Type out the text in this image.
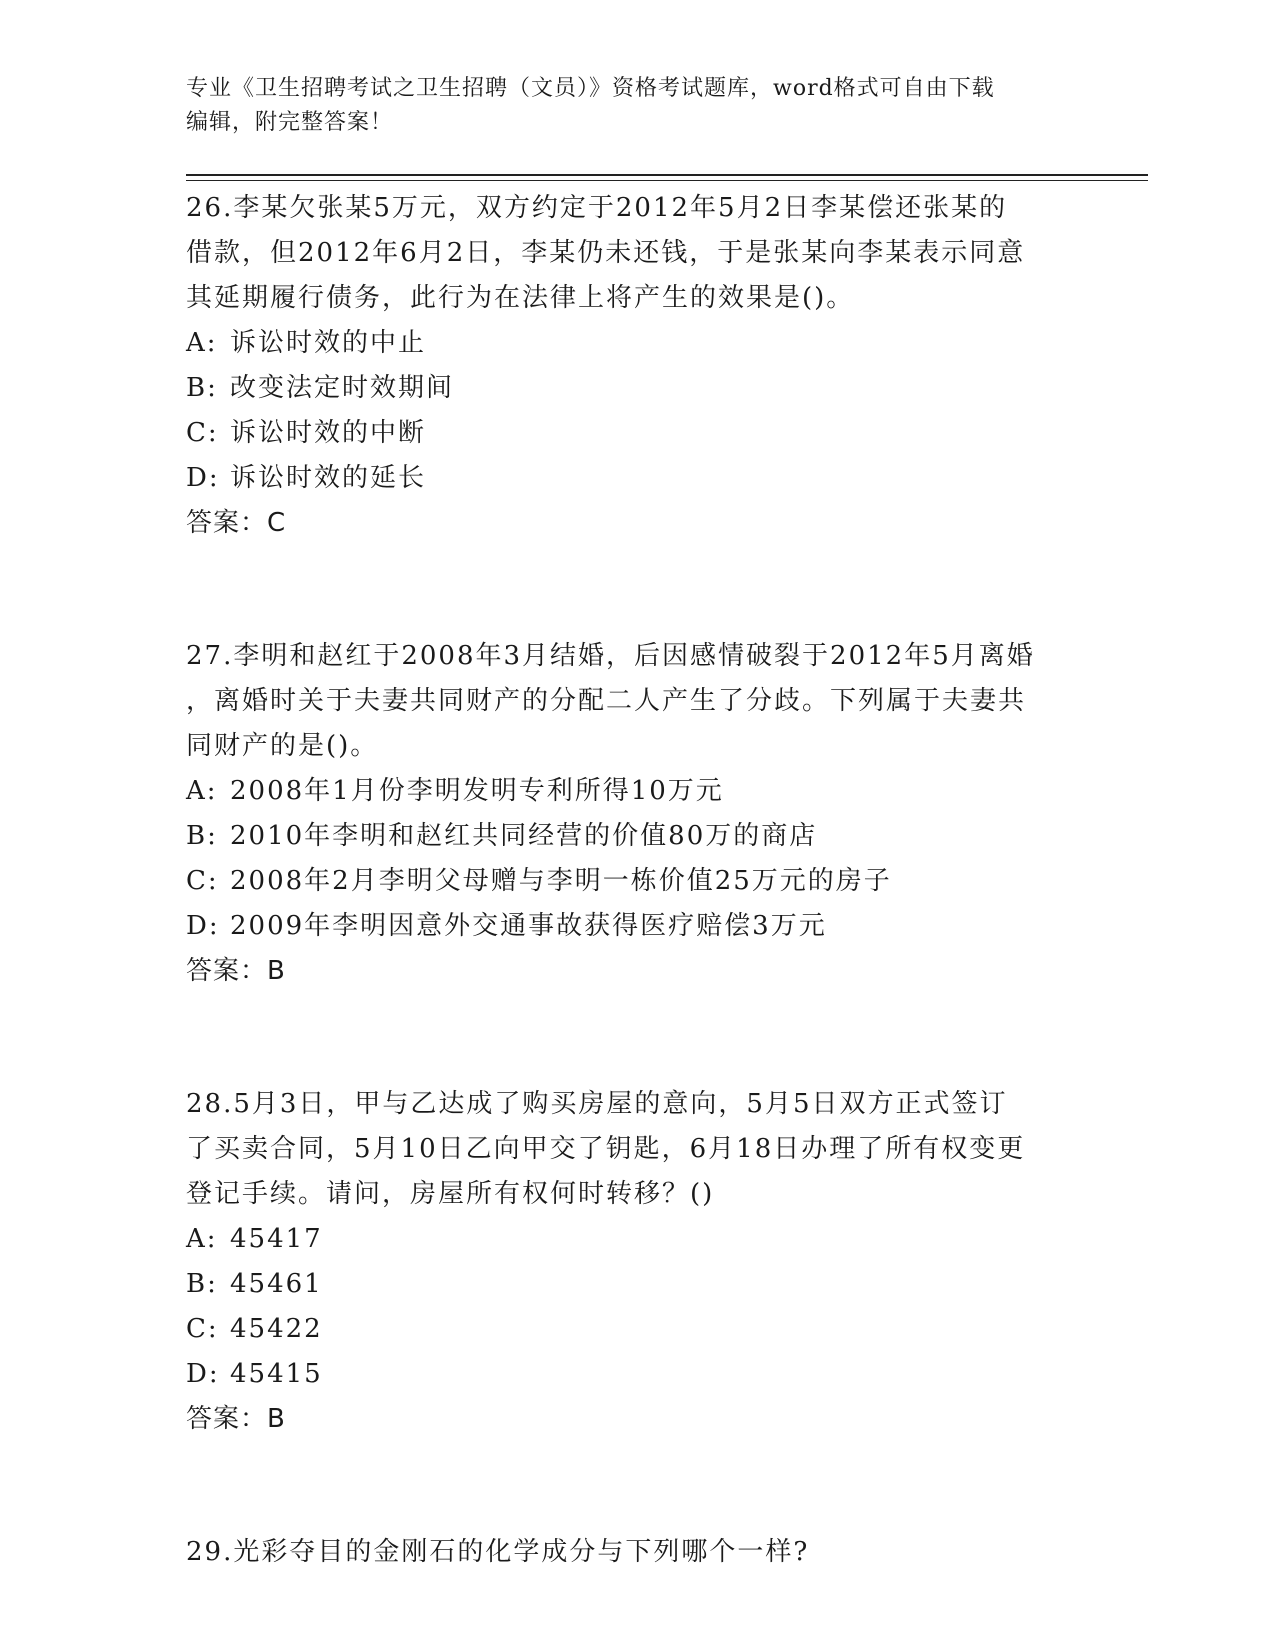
专业《卫生招聘考试之卫生招聘（文员）》资格考试题库，word格式可自由下载
编辑，附完整答案！
26.李某欠张某5万元，双方约定于2012年5月2日李某偿还张某的
借款，但2012年6月2日，李某仍未还钱，于是张某向李某表示同意
其延期履行债务，此行为在法律上将产生的效果是()。
A: 诉讼时效的中止
B: 改变法定时效期间
C: 诉讼时效的中断
D: 诉讼时效的延长
答案：C
27.李明和赵红于2008年3月结婚，后因感情破裂于2012年5月离婚
，离婚时关于夫妻共同财产的分配二人产生了分歧。下列属于夫妻共
同财产的是()。
A: 2008年1月份李明发明专利所得10万元
B: 2010年李明和赵红共同经营的价值80万的商店
C: 2008年2月李明父母赠与李明一栋价值25万元的房子
D: 2009年李明因意外交通事故获得医疗赔偿3万元
答案：B
28.5月3日，甲与乙达成了购买房屋的意向，5月5日双方正式签订
了买卖合同，5月10日乙向甲交了钥匙，6月18日办理了所有权变更
登记手续。请问，房屋所有权何时转移？()
A: 45417
B: 45461
C: 45422
D: 45415
答案：B
29.光彩夺目的金刚石的化学成分与下列哪个一样?
